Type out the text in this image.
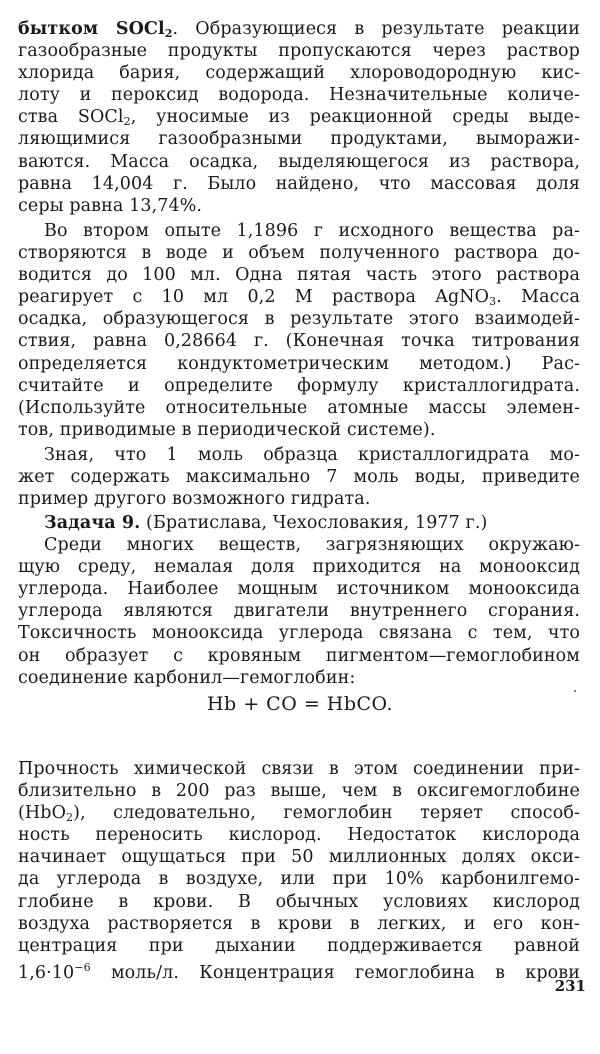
бытком SOCl$_2$. Образующиеся в результате реакции
газообразные продукты пропускаются через раствор
хлорида бария, содержащий хлороводородную кис-
лоту и пероксид водорода. Незначительные количе-
ства SOCl$_2$, уносимые из реакционной среды выде-
ляющимися газообразными продуктами, выморажи-
ваются. Масса осадка, выделяющегося из раствора,
равна 14,004 г. Было найдено, что массовая доля
серы равна 13,74%.
Во втором опыте 1,1896 г исходного вещества ра-
створяются в воде и объем полученного раствора до-
водится до 100 мл. Одна пятая часть этого раствора
реагирует с 10 мл 0,2 М раствора AgNO$_3$. Масса
осадка, образующегося в результате этого взаимодей-
ствия, равна 0,28664 г. (Конечная точка титрования
определяется кондуктометрическим методом.) Рас-
считайте и определите формулу кристаллогидрата.
(Используйте относительные атомные массы элемен-
тов, приводимые в периодической системе).
Зная, что 1 моль образца кристаллогидрата мо-
жет содержать максимально 7 моль воды, приведите
пример другого возможного гидрата.
Задача 9. (Братислава, Чехословакия, 1977 г.)
Среди многих веществ, загрязняющих окружаю-
щую среду, немалая доля приходится на монооксид
углерода. Наиболее мощным источником монооксида
углерода являются двигатели внутреннего сгорания.
Токсичность монооксида углерода связана с тем, что
он образует с кровяным пигментом—гемоглобином
соединение карбонил—гемоглобин:
Hb + CO = HbCO.
Прочность химической связи в этом соединении при-
близительно в 200 раз выше, чем в оксигемоглобине
(HbO$_2$), следовательно, гемоглобин теряет способ-
ность переносить кислород. Недостаток кислорода
начинает ощущаться при 50 миллионных долях окси-
да углерода в воздухе, или при 10% карбонилгемо-
глобине в крови. В обычных условиях кислород
воздуха растворяется в крови в легких, и его кон-
центрация при дыхании поддерживается равной
$1,6\cdot 10^{-6}$ моль/л. Концентрация гемоглобина в крови
231
